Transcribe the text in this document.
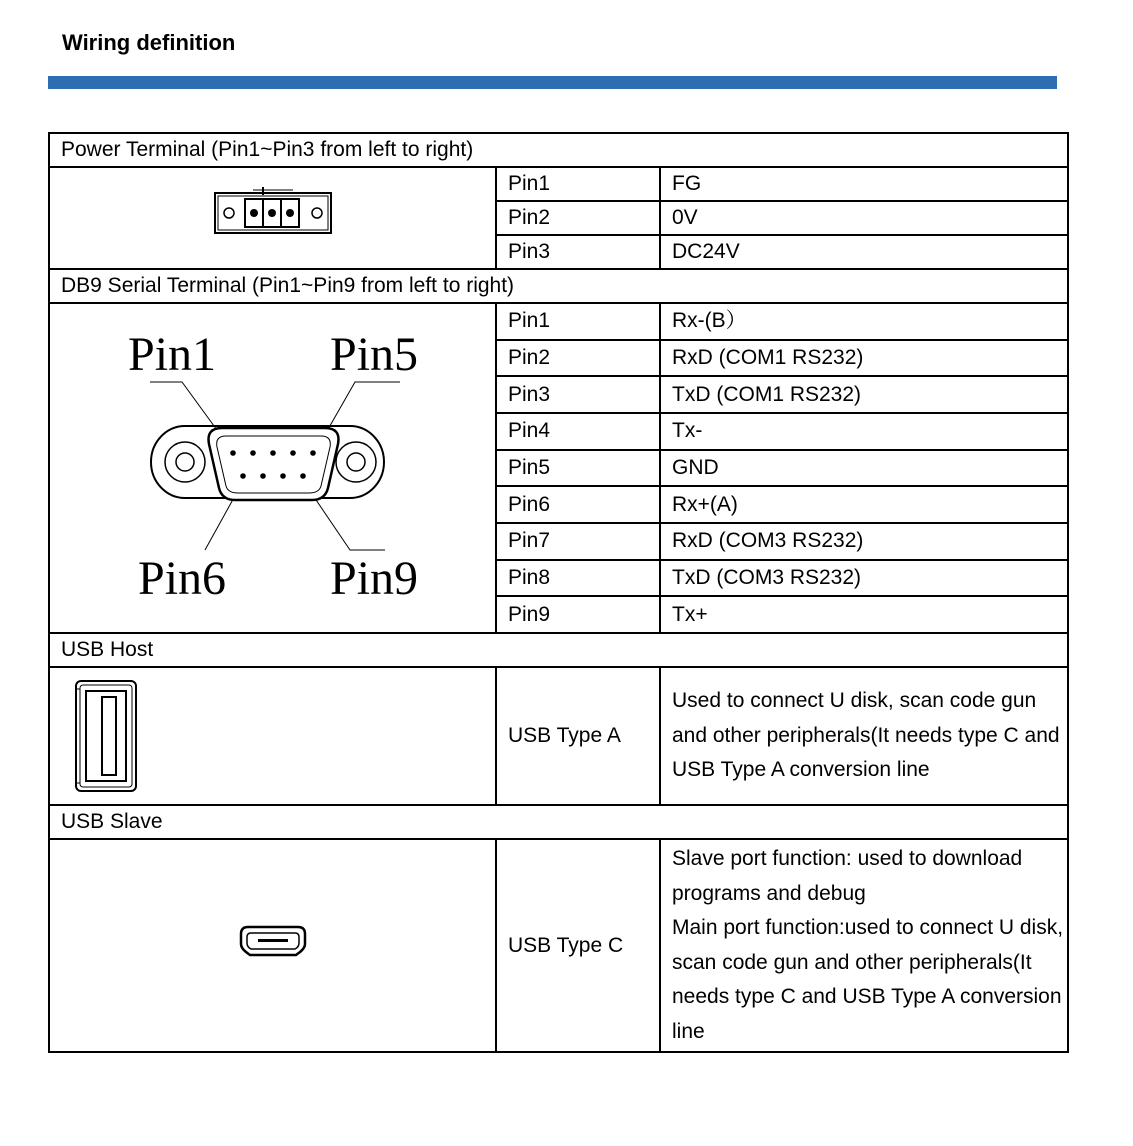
Wiring definition
Power Terminal (Pin1~Pin3 from left to right)		
	Pin1	FG
	Pin2	0V
	Pin3	DC24V
DB9 Serial Terminal (Pin1~Pin9 from left to right)		

Pin1 Pin5
Pin6 Pin9	Pin1	Rx-(B）
	Pin2	RxD (COM1 RS232)
	Pin3	TxD (COM1 RS232)
	Pin4	Tx-
	Pin5	GND
	Pin6	Rx+(A)
	Pin7	RxD (COM3 RS232)
	Pin8	TxD (COM3 RS232)
	Pin9	Tx+
USB Host		

	USB Type A	Used to connect U disk, scan code gun and other peripherals(It needs type C and USB Type A conversion line
USB Slave		
	USB Type C	Slave port function: used to download programs and debug
Main port function:used to connect U disk, scan code gun and other peripherals(It needs type C and USB Type A conversion line
